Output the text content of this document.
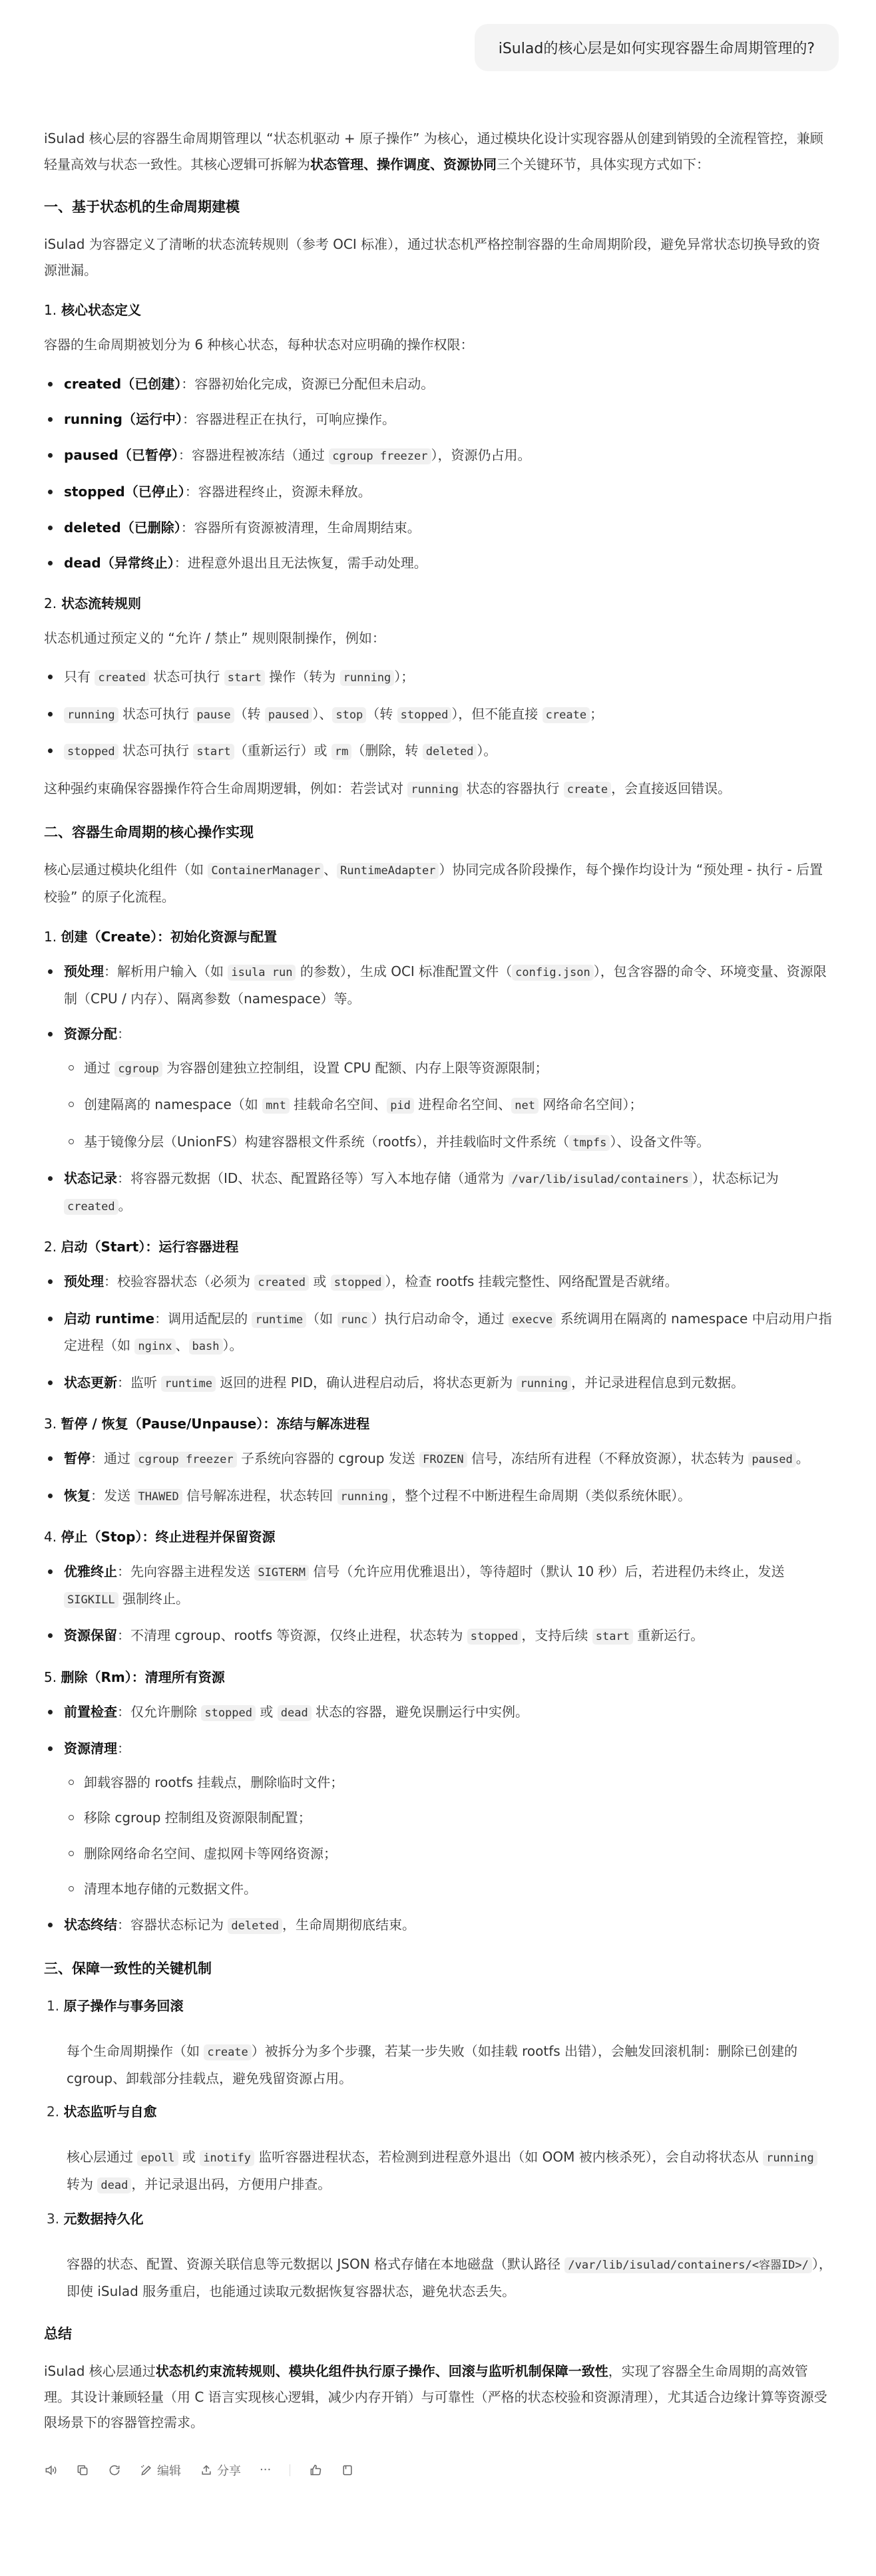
iSulad的核心层是如何实现容器生命周期管理的?

iSulad 核心层的容器生命周期管理以 “状态机驱动 + 原子操作” 为核心，通过模块化设计实现容器从创建到销毁的全流程管控，兼顾轻量高效与状态一致性。其核心逻辑可拆解为状态管理、操作调度、资源协同三个关键环节，具体实现方式如下：

一、基于状态机的生命周期建模

iSulad 为容器定义了清晰的状态流转规则（参考 OCI 标准），通过状态机严格控制容器的生命周期阶段，避免异常状态切换导致的资源泄漏。

1. 核心状态定义

容器的生命周期被划分为 6 种核心状态，每种状态对应明确的操作权限：

created（已创建）：容器初始化完成，资源已分配但未启动。
running（运行中）：容器进程正在执行，可响应操作。
paused（已暂停）：容器进程被冻结（通过 cgroup freezer ），资源仍占用。
stopped（已停止）：容器进程终止，资源未释放。
deleted（已删除）：容器所有资源被清理，生命周期结束。
dead（异常终止）：进程意外退出且无法恢复，需手动处理。
2. 状态流转规则

状态机通过预定义的 “允许 / 禁止” 规则限制操作，例如：

只有 created 状态可执行 start 操作（转为 running ）；
running 状态可执行 pause （转 paused ）、 stop （转 stopped ），但不能直接 create ；
stopped 状态可执行 start （重新运行）或 rm （删除，转 deleted ）。

这种强约束确保容器操作符合生命周期逻辑，例如：若尝试对 running 状态的容器执行 create ，会直接返回错误。

二、容器生命周期的核心操作实现

核心层通过模块化组件（如 ContainerManager 、 RuntimeAdapter ）协同完成各阶段操作，每个操作均设计为 “预处理 - 执行 - 后置校验” 的原子化流程。

1. 创建（Create）：初始化资源与配置
预处理：解析用户输入（如 isula run 的参数），生成 OCI 标准配置文件（ config.json ），包含容器的命令、环境变量、资源限制（CPU / 内存）、隔离参数（namespace）等。
资源分配：
通过 cgroup 为容器创建独立控制组，设置 CPU 配额、内存上限等资源限制；
创建隔离的 namespace（如 mnt 挂载命名空间、 pid 进程命名空间、 net 网络命名空间）；
基于镜像分层（UnionFS）构建容器根文件系统（rootfs），并挂载临时文件系统（ tmpfs ）、设备文件等。
状态记录：将容器元数据（ID、状态、配置路径等）写入本地存储（通常为 /var/lib/isulad/containers ），状态标记为 created 。
2. 启动（Start）：运行容器进程
预处理：校验容器状态（必须为 created 或 stopped ），检查 rootfs 挂载完整性、网络配置是否就绪。
启动 runtime：调用适配层的 runtime （如 runc ）执行启动命令，通过 execve 系统调用在隔离的 namespace 中启动用户指定进程（如 nginx 、 bash ）。
状态更新：监听 runtime 返回的进程 PID，确认进程启动后，将状态更新为 running ，并记录进程信息到元数据。
3. 暂停 / 恢复（Pause/Unpause）：冻结与解冻进程
暂停：通过 cgroup freezer 子系统向容器的 cgroup 发送 FROZEN 信号，冻结所有进程（不释放资源），状态转为 paused 。
恢复：发送 THAWED 信号解冻进程，状态转回 running ，整个过程不中断进程生命周期（类似系统休眠）。
4. 停止（Stop）：终止进程并保留资源
优雅终止：先向容器主进程发送 SIGTERM 信号（允许应用优雅退出），等待超时（默认 10 秒）后，若进程仍未终止，发送 SIGKILL 强制终止。
资源保留：不清理 cgroup、rootfs 等资源，仅终止进程，状态转为 stopped ，支持后续 start 重新运行。
5. 删除（Rm）：清理所有资源
前置检查：仅允许删除 stopped 或 dead 状态的容器，避免误删运行中实例。
资源清理：
卸载容器的 rootfs 挂载点，删除临时文件；
移除 cgroup 控制组及资源限制配置；
删除网络命名空间、虚拟网卡等网络资源；
清理本地存储的元数据文件。
状态终结：容器状态标记为 deleted ，生命周期彻底结束。
三、保障一致性的关键机制
1. 原子操作与事务回滚

每个生命周期操作（如 create ）被拆分为多个步骤，若某一步失败（如挂载 rootfs 出错），会触发回滚机制：删除已创建的 cgroup、卸载部分挂载点，避免残留资源占用。

2. 状态监听与自愈

核心层通过 epoll 或 inotify 监听容器进程状态，若检测到进程意外退出（如 OOM 被内核杀死），会自动将状态从 running 转为 dead ，并记录退出码，方便用户排查。

3. 元数据持久化

容器的状态、配置、资源关联信息等元数据以 JSON 格式存储在本地磁盘（默认路径 /var/lib/isulad/containers/<容器ID>/ ），即使 iSulad 服务重启，也能通过读取元数据恢复容器状态，避免状态丢失。

总结

iSulad 核心层通过状态机约束流转规则、模块化组件执行原子操作、回滚与监听机制保障一致性，实现了容器全生命周期的高效管理。其设计兼顾轻量（用 C 语言实现核心逻辑，减少内存开销）与可靠性（严格的状态校验和资源清理），尤其适合边缘计算等资源受限场景下的容器管控需求。

编辑	分享 ···
